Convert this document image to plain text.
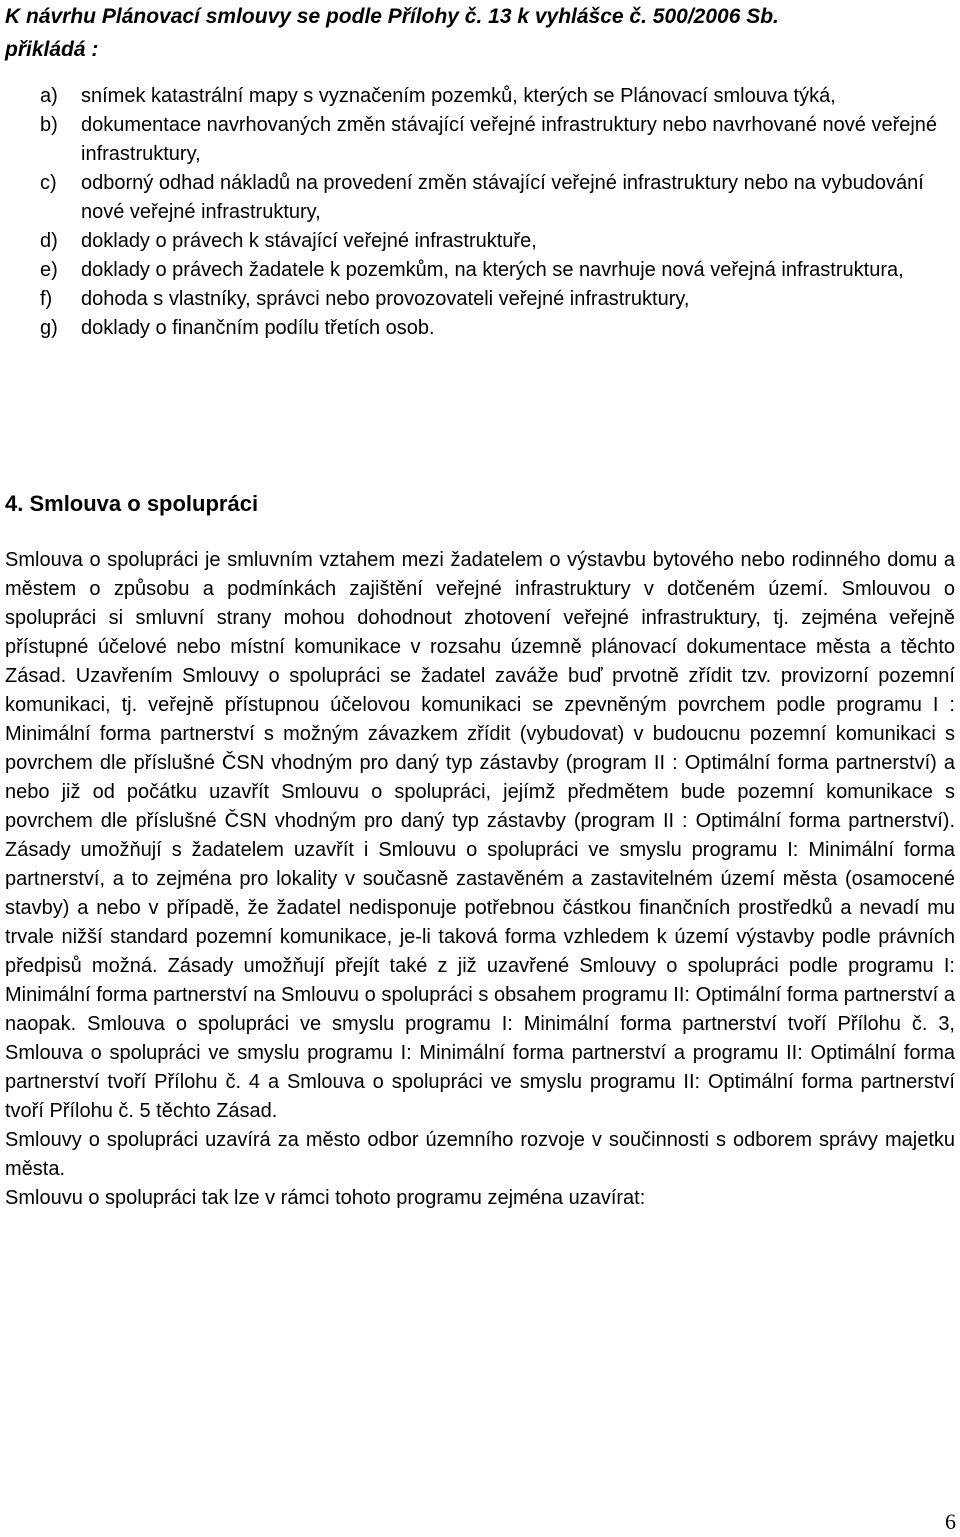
K návrhu Plánovací smlouvy se podle Přílohy č. 13 k vyhlášce č. 500/2006 Sb.
přikládá :

a) snímek katastrální mapy s vyznačením pozemků, kterých se Plánovací smlouva týká,
b) dokumentace navrhovaných změn stávající veřejné infrastruktury nebo navrhované nové veřejné infrastruktury,
c) odborný odhad nákladů na provedení změn stávající veřejné infrastruktury nebo na vybudování nové veřejné infrastruktury,
d) doklady o právech k stávající veřejné infrastruktuře,
e) doklady o právech žadatele k pozemkům, na kterých se navrhuje nová veřejná infrastruktura,
f) dohoda s vlastníky, správci nebo provozovateli veřejné infrastruktury,
g) doklady o finančním podílu třetích osob.
4. Smlouva o spolupráci

Smlouva o spolupráci je smluvním vztahem mezi žadatelem o výstavbu bytového nebo rodinného domu a městem o způsobu a podmínkách zajištění veřejné infrastruktury v dotčeném území. Smlouvou o spolupráci si smluvní strany mohou dohodnout zhotovení veřejné infrastruktury, tj. zejména veřejně přístupné účelové nebo místní komunikace v rozsahu územně plánovací dokumentace města a těchto Zásad. Uzavřením Smlouvy o spolupráci se žadatel zaváže buď prvotně zřídit tzv. provizorní pozemní komunikaci, tj. veřejně přístupnou účelovou komunikaci se zpevněným povrchem podle programu I : Minimální forma partnerství s možným závazkem zřídit (vybudovat) v budoucnu pozemní komunikaci s povrchem dle příslušné ČSN vhodným pro daný typ zástavby (program II : Optimální forma partnerství) a nebo již od počátku uzavřít Smlouvu o spolupráci, jejímž předmětem bude pozemní komunikace s povrchem dle příslušné ČSN vhodným pro daný typ zástavby (program II : Optimální forma partnerství). Zásady umožňují s žadatelem uzavřít i Smlouvu o spolupráci ve smyslu programu I: Minimální forma partnerství, a to zejména pro lokality v současně zastavěném a zastavitelném území města (osamocené stavby) a nebo v případě, že žadatel nedisponuje potřebnou částkou finančních prostředků a nevadí mu trvale nižší standard pozemní komunikace, je-li taková forma vzhledem k území výstavby podle právních předpisů možná. Zásady umožňují přejít také z již uzavřené Smlouvy o spolupráci podle programu I: Minimální forma partnerství na Smlouvu o spolupráci s obsahem programu II: Optimální forma partnerství a naopak. Smlouva o spolupráci ve smyslu programu I: Minimální forma partnerství tvoří Přílohu č. 3, Smlouva o spolupráci ve smyslu programu I: Minimální forma partnerství a programu II: Optimální forma partnerství tvoří Přílohu č. 4 a Smlouva o spolupráci ve smyslu programu II: Optimální forma partnerství tvoří Přílohu č. 5 těchto Zásad.

Smlouvy o spolupráci uzavírá za město odbor územního rozvoje v součinnosti s odborem správy majetku města.

Smlouvu o spolupráci tak lze v rámci tohoto programu zejména uzavírat:

6
